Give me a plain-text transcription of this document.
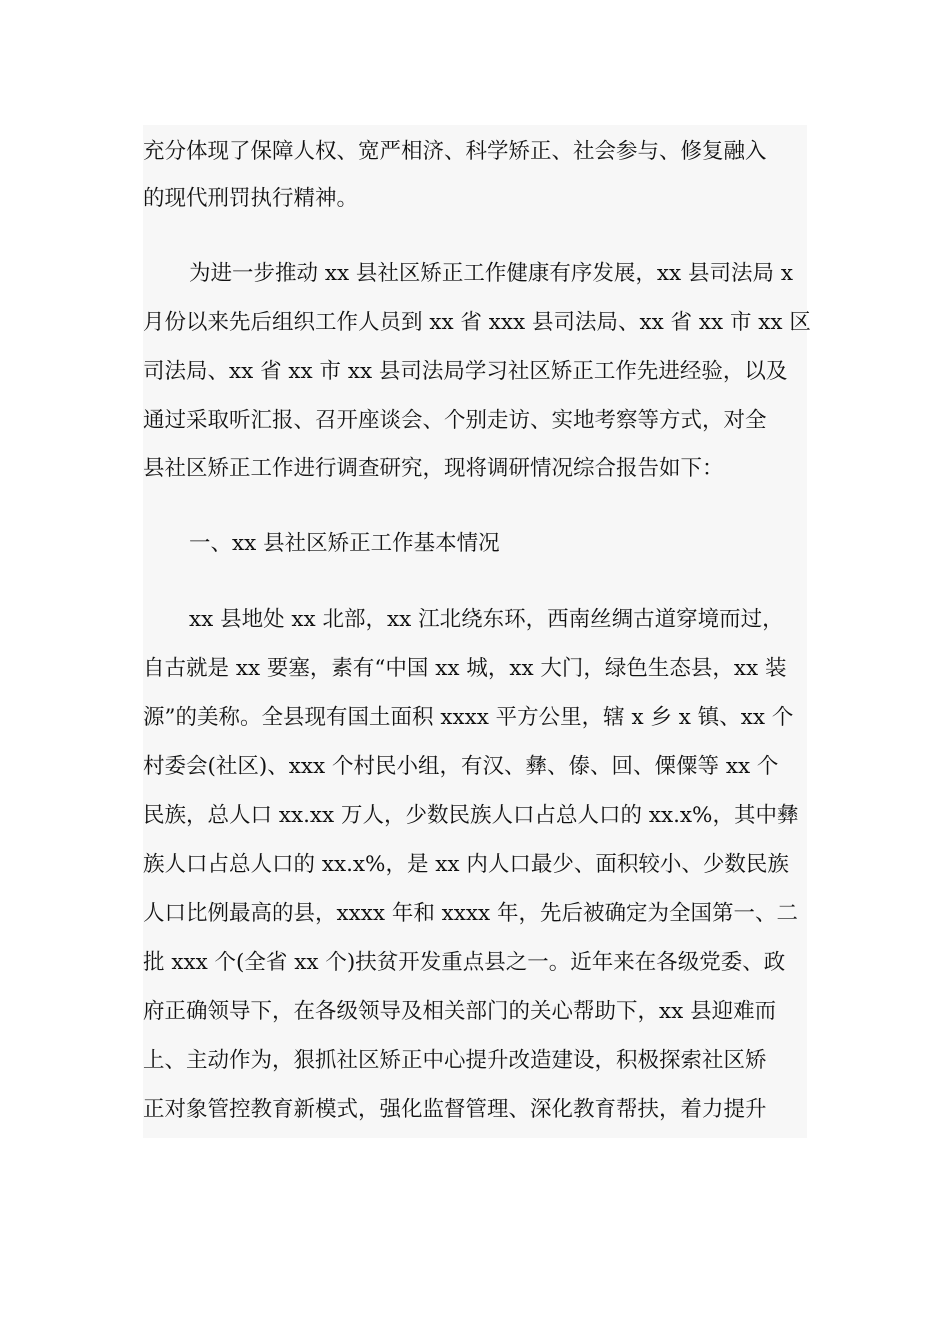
充分体现了保障人权、宽严相济、科学矫正、社会参与、修复融入
的现代刑罚执行精神。
为进一步推动 xx 县社区矫正工作健康有序发展，xx 县司法局 x
月份以来先后组织工作人员到 xx 省 xxx 县司法局、xx 省 xx 市 xx 区
司法局、xx 省 xx 市 xx 县司法局学习社区矫正工作先进经验，以及
通过采取听汇报、召开座谈会、个别走访、实地考察等方式，对全
县社区矫正工作进行调查研究，现将调研情况综合报告如下：
一、xx 县社区矫正工作基本情况
xx 县地处 xx 北部，xx 江北绕东环，西南丝绸古道穿境而过，
自古就是 xx 要塞，素有“中国 xx 城，xx 大门，绿色生态县，xx 装
源”的美称。全县现有国土面积 xxxx 平方公里，辖 x 乡 x 镇、xx 个
村委会(社区)、xxx 个村民小组，有汉、彝、傣、回、傈僳等 xx 个
民族，总人口 xx.xx 万人，少数民族人口占总人口的 xx.x%，其中彝
族人口占总人口的 xx.x%，是 xx 内人口最少、面积较小、少数民族
人口比例最高的县，xxxx 年和 xxxx 年，先后被确定为全国第一、二
批 xxx 个(全省 xx 个)扶贫开发重点县之一。近年来在各级党委、政
府正确领导下，在各级领导及相关部门的关心帮助下，xx 县迎难而
上、主动作为，狠抓社区矫正中心提升改造建设，积极探索社区矫
正对象管控教育新模式，强化监督管理、深化教育帮扶，着力提升
